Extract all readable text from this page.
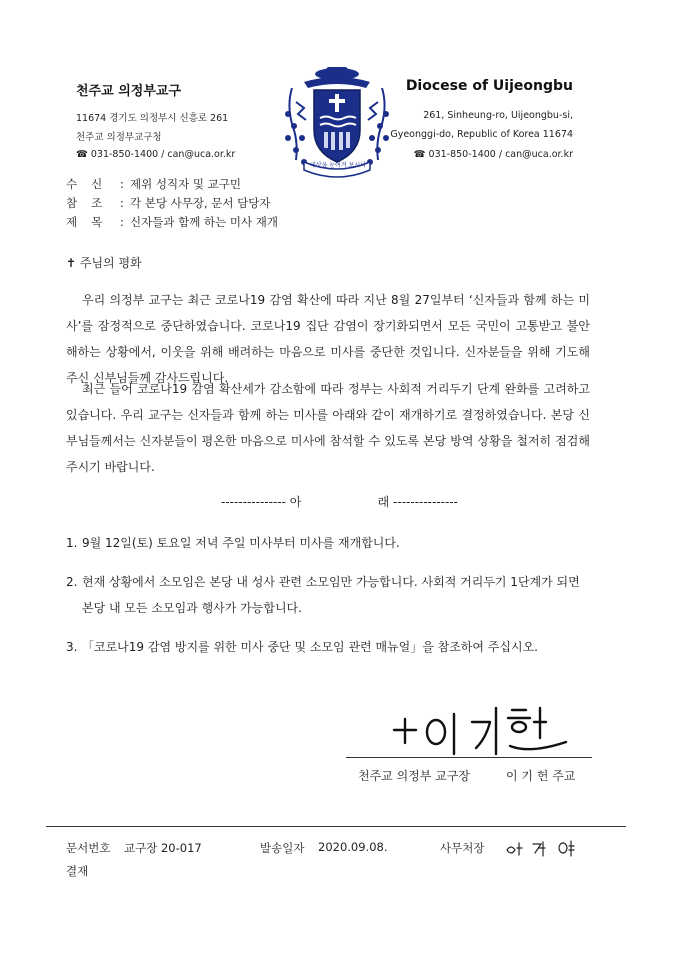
천주교 의정부교구
11674 경기도 의정부시 신흥로 261
천주교 의정부교구청
☎ 031-850-1400 / can@uca.or.kr
Diocese of Uijeongbu
261, Sinheung-ro, Uijeongbu-si,
Gyeonggi-do, Republic of Korea 11674
☎ 031-850-1400 / can@uca.or.kr
세상을 눈여겨 보시니
수신 : 제위 성직자 및 교구민
참조 : 각 본당 사무장, 문서 담당자
제목 : 신자들과 함께 하는 미사 재개
✝ 주님의 평화

우리 의정부 교구는 최근 코로나19 감염 확산에 따라 지난 8월 27일부터 ‘신자들과 함께 하는 미사’를 잠정적으로 중단하였습니다. 코로나19 집단 감염이 장기화되면서 모든 국민이 고통받고 불안해하는 상황에서, 이웃을 위해 배려하는 마음으로 미사를 중단한 것입니다. 신자분들을 위해 기도해 주신 신부님들께 감사드립니다.

최근 들어 코로나19 감염 확산세가 감소함에 따라 정부는 사회적 거리두기 단계 완화를 고려하고 있습니다. 우리 교구는 신자들과 함께 하는 미사를 아래와 같이 재개하기로 결정하였습니다. 본당 신부님들께서는 신자분들이 평온한 마음으로 미사에 참석할 수 있도록 본당 방역 상황을 철저히 점검해 주시기 바랍니다.

--------------- 아                    래 ---------------
1. 9월 12일(토) 토요일 저녁 주일 미사부터 미사를 재개합니다.
2. 현재 상황에서 소모임은 본당 내 성사 관련 소모임만 가능합니다. 사회적 거리두기 1단계가 되면 본당 내 모든 소모임과 행사가 가능합니다.
3. 「코로나19 감염 방지를 위한 미사 중단 및 소모임 관련 매뉴얼」을 참조하여 주십시오.
천주교 의정부 교구장	이 기 헌 주교
문서번호 교구장 20-017	발송일자 2020.09.08.	사무처장
결재
